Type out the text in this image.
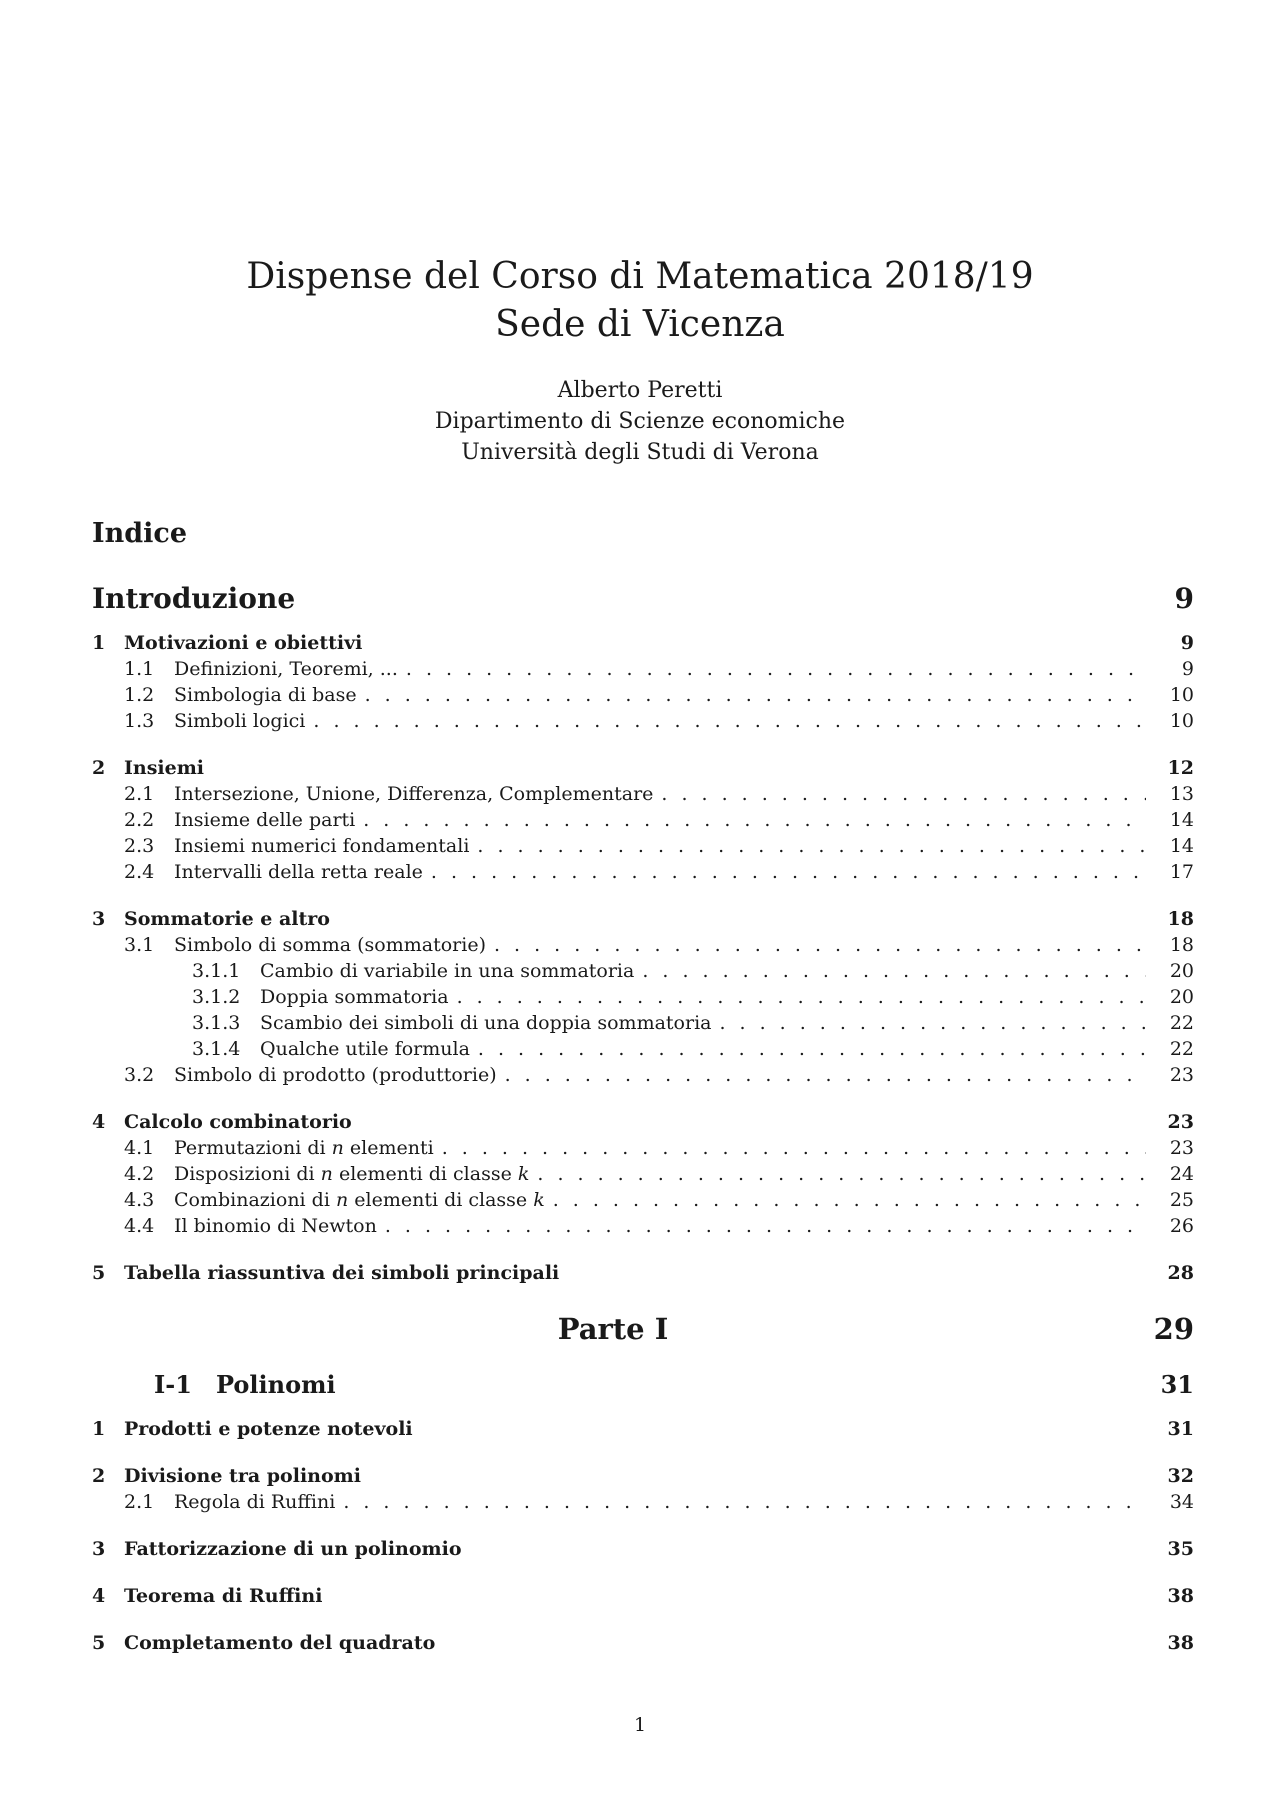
Dispense del Corso di Matematica 2018/19
Sede di Vicenza
Alberto Peretti
Dipartimento di Scienze economiche
Università degli Studi di Verona
Indice
Introduzione	9
1 Motivazioni e obiettivi	9
1.1	Definizioni, Teoremi, ... . . .	9
1.2	Simbologia di base . . .	10
1.3	Simboli logici . . .	10
2 Insiemi	12
2.1	Intersezione, Unione, Differenza, Complementare . . .	13
2.2	Insieme delle parti . . .	14
2.3	Insiemi numerici fondamentali . . .	14
2.4	Intervalli della retta reale . . .	17
3 Sommatorie e altro	18
3.1	Simbolo di somma (sommatorie) . . .	18
3.1.1	Cambio di variabile in una sommatoria . . .	20
3.1.2	Doppia sommatoria . . .	20
3.1.3	Scambio dei simboli di una doppia sommatoria . . .	22
3.1.4	Qualche utile formula . . .	22
3.2	Simbolo di prodotto (produttorie) . . .	23
4 Calcolo combinatorio	23
4.1	Permutazioni di n elementi . . .	23
4.2	Disposizioni di n elementi di classe k . . .	24
4.3	Combinazioni di n elementi di classe k . . .	25
4.4	Il binomio di Newton . . .	26
5 Tabella riassuntiva dei simboli principali	28
Parte I	29
I-1 Polinomi	31
1 Prodotti e potenze notevoli	31
2 Divisione tra polinomi	32
2.1	Regola di Ruffini . . .	34
3 Fattorizzazione di un polinomio	35
4 Teorema di Ruffini	38
5 Completamento del quadrato	38
1
